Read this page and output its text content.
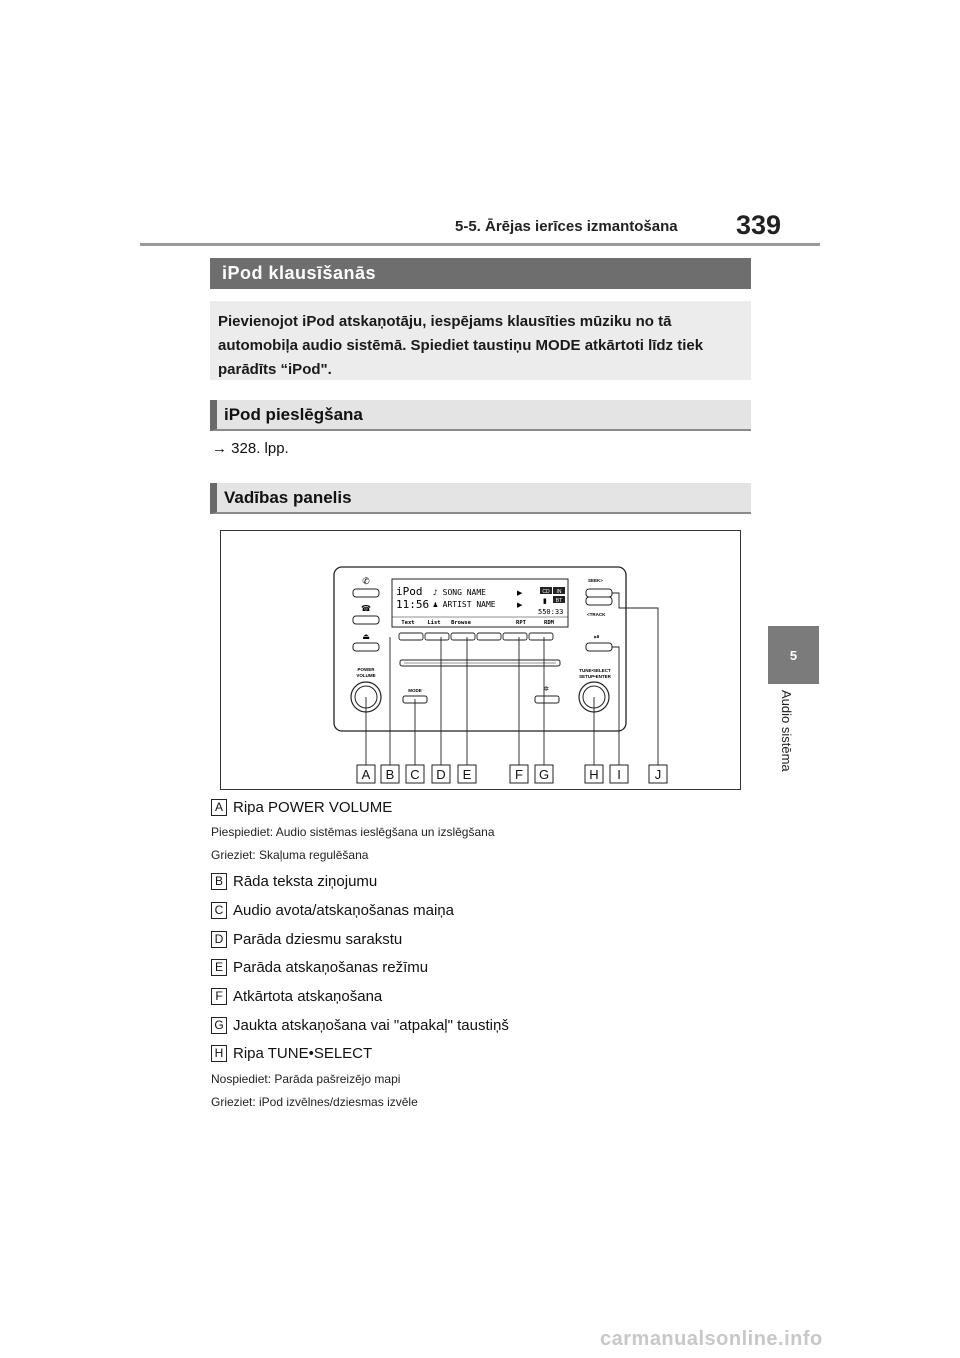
5-5. Ārējas ierīces izmantošana 339
5
Audio sistēma
iPod klausīšanās
Pievienojot iPod atskaņotāju, iespējams klausīties mūziku no tā
automobiļa audio sistēmā. Spiediet taustiņu MODE atkārtoti līdz tiek
parādīts “iPod".
iPod pieslēgšana
→ 328. lpp.
Vadības panelis
✆
☎
⏏
POWER
VOLUME
iPod
11:56
♪ SONG NAME
♟ ARTIST NAME
▶
▶
CD IN
BT
▮
550:33
Text List Browse	RPT	RDM
MODE	✲
SEEK>
<TRACK
⏯
TUNE•SELECT
SETUP•ENTER
A B C D E	F G	H I	J
A Ripa POWER VOLUME
Piespiediet: Audio sistēmas ieslēgšana un izslēgšana
Grieziet: Skaļuma regulēšana
B Rāda teksta ziņojumu
C Audio avota/atskaņošanas maiņa
D Parāda dziesmu sarakstu
E Parāda atskaņošanas režīmu
F Atkārtota atskaņošana
G Jaukta atskaņošana vai "atpakaļ" taustiņš
H Ripa TUNE•SELECT
Nospiediet: Parāda pašreizējo mapi
Grieziet: iPod izvēlnes/dziesmas izvēle
carmanualsonline.info
